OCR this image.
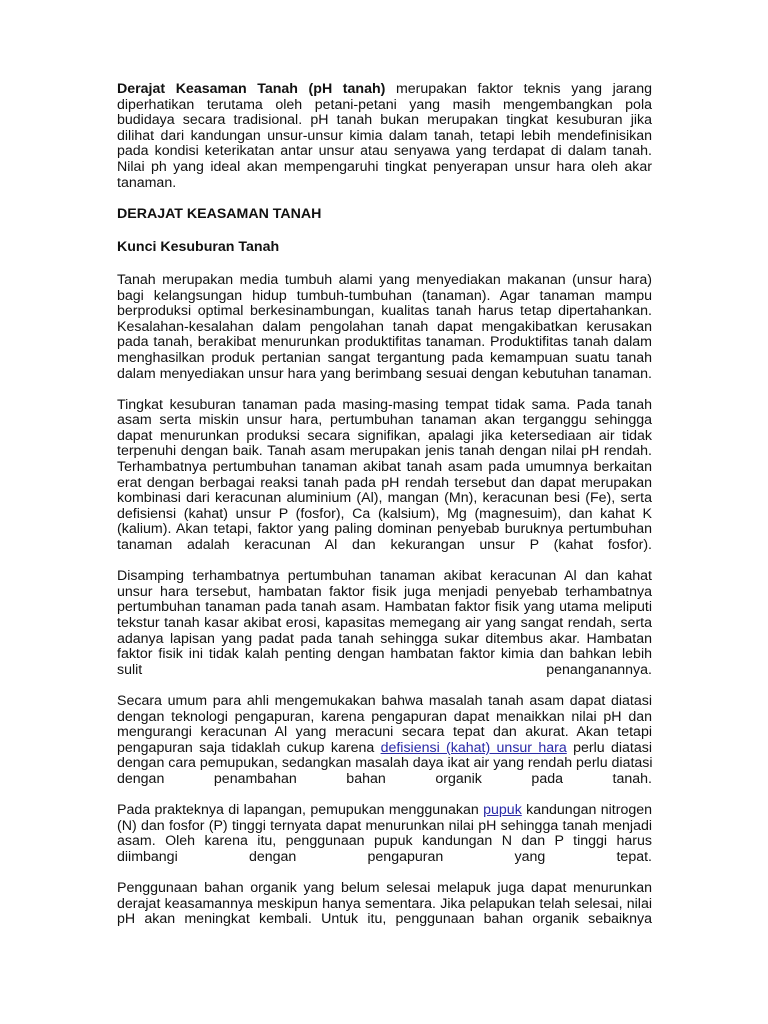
Derajat Keasaman Tanah (pH tanah) merupakan faktor teknis yang jarang
diperhatikan terutama oleh petani-petani yang masih mengembangkan pola
budidaya secara tradisional. pH tanah bukan merupakan tingkat kesuburan jika
dilihat dari kandungan unsur-unsur kimia dalam tanah, tetapi lebih mendefinisikan
pada kondisi keterikatan antar unsur atau senyawa yang terdapat di dalam tanah.
Nilai ph yang ideal akan mempengaruhi tingkat penyerapan unsur hara oleh akar
tanaman.
DERAJAT KEASAMAN TANAH
Kunci Kesuburan Tanah
Tanah merupakan media tumbuh alami yang menyediakan makanan (unsur hara)
bagi kelangsungan hidup tumbuh-tumbuhan (tanaman). Agar tanaman mampu
berproduksi optimal berkesinambungan, kualitas tanah harus tetap dipertahankan.
Kesalahan-kesalahan dalam pengolahan tanah dapat mengakibatkan kerusakan
pada tanah, berakibat menurunkan produktifitas tanaman. Produktifitas tanah dalam
menghasilkan produk pertanian sangat tergantung pada kemampuan suatu tanah
dalam menyediakan unsur hara yang berimbang sesuai dengan kebutuhan tanaman.
Tingkat kesuburan tanaman pada masing-masing tempat tidak sama. Pada tanah
asam serta miskin unsur hara, pertumbuhan tanaman akan terganggu sehingga
dapat menurunkan produksi secara signifikan, apalagi jika ketersediaan air tidak
terpenuhi dengan baik. Tanah asam merupakan jenis tanah dengan nilai pH rendah.
Terhambatnya pertumbuhan tanaman akibat tanah asam pada umumnya berkaitan
erat dengan berbagai reaksi tanah pada pH rendah tersebut dan dapat merupakan
kombinasi dari keracunan aluminium (Al), mangan (Mn), keracunan besi (Fe), serta
defisiensi (kahat) unsur P (fosfor), Ca (kalsium), Mg (magnesuim), dan kahat K
(kalium). Akan tetapi, faktor yang paling dominan penyebab buruknya pertumbuhan
tanaman adalah keracunan Al dan kekurangan unsur P (kahat fosfor).
Disamping terhambatnya pertumbuhan tanaman akibat keracunan Al dan kahat
unsur hara tersebut, hambatan faktor fisik juga menjadi penyebab terhambatnya
pertumbuhan tanaman pada tanah asam. Hambatan faktor fisik yang utama meliputi
tekstur tanah kasar akibat erosi, kapasitas memegang air yang sangat rendah, serta
adanya lapisan yang padat pada tanah sehingga sukar ditembus akar. Hambatan
faktor fisik ini tidak kalah penting dengan hambatan faktor kimia dan bahkan lebih
sulit penanganannya.
Secara umum para ahli mengemukakan bahwa masalah tanah asam dapat diatasi
dengan teknologi pengapuran, karena pengapuran dapat menaikkan nilai pH dan
mengurangi keracunan Al yang meracuni secara tepat dan akurat. Akan tetapi
pengapuran saja tidaklah cukup karena defisiensi (kahat) unsur hara perlu diatasi
dengan cara pemupukan, sedangkan masalah daya ikat air yang rendah perlu diatasi
dengan penambahan bahan organik pada tanah.
Pada prakteknya di lapangan, pemupukan menggunakan pupuk kandungan nitrogen
(N) dan fosfor (P) tinggi ternyata dapat menurunkan nilai pH sehingga tanah menjadi
asam. Oleh karena itu, penggunaan pupuk kandungan N dan P tinggi harus
diimbangi dengan pengapuran yang tepat.
Penggunaan bahan organik yang belum selesai melapuk juga dapat menurunkan
derajat keasamannya meskipun hanya sementara. Jika pelapukan telah selesai, nilai
pH akan meningkat kembali. Untuk itu, penggunaan bahan organik sebaiknya
